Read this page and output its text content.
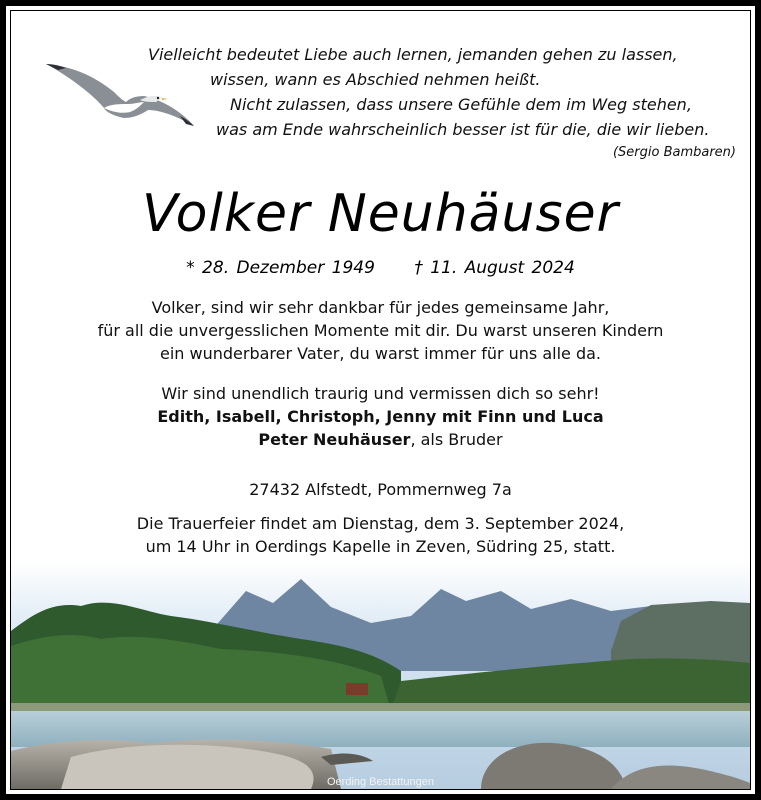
Vielleicht bedeutet Liebe auch lernen, jemanden gehen zu lassen,
wissen, wann es Abschied nehmen heißt.
Nicht zulassen, dass unsere Gefühle dem im Weg stehen,
was am Ende wahrscheinlich besser ist für die, die wir lieben.
(Sergio Bambaren)
Volker Neuhäuser
* 28. Dezember 1949 † 11. August 2024
Volker, sind wir sehr dankbar für jedes gemeinsame Jahr,
für all die unvergesslichen Momente mit dir. Du warst unseren Kindern
ein wunderbarer Vater, du warst immer für uns alle da.
Wir sind unendlich traurig und vermissen dich so sehr!
Edith, Isabell, Christoph, Jenny mit Finn und Luca
Peter Neuhäuser, als Bruder
27432 Alfstedt, Pommernweg 7a
Die Trauerfeier findet am Dienstag, dem 3. September 2024,
um 14 Uhr in Oerdings Kapelle in Zeven, Südring 25, statt.
Oerding Bestattungen
